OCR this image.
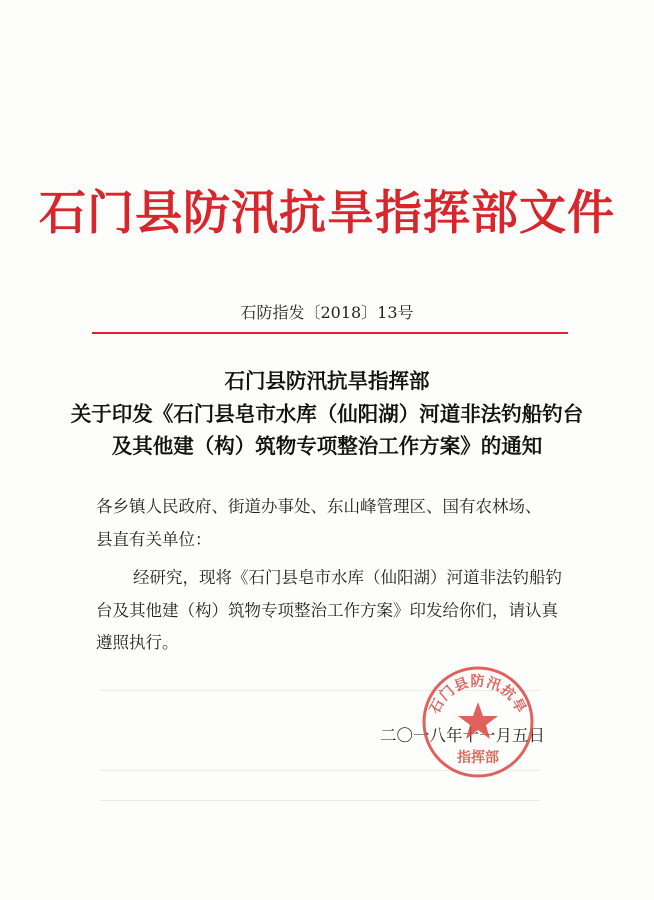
石门县防汛抗旱指挥部文件
石防指发〔2018〕13号
石门县防汛抗旱指挥部
关于印发《石门县皂市水库（仙阳湖）河道非法钓船钓台
及其他建（构）筑物专项整治工作方案》的通知
各乡镇人民政府、街道办事处、东山峰管理区、国有农林场、
县直有关单位：
经研究，现将《石门县皂市水库（仙阳湖）河道非法钓船钓
台及其他建（构）筑物专项整治工作方案》印发给你们，请认真
遵照执行。
二〇一八年十一月五日
石门县防汛抗旱
指挥部
